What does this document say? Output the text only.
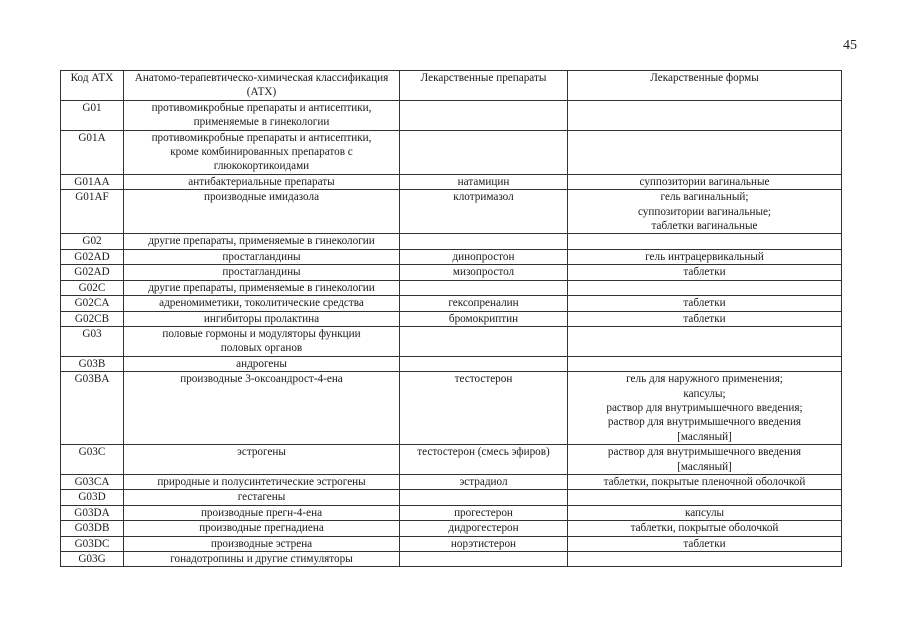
45
Код АТХ	Анатомо-терапевтическо-химическая классификация (АТХ)	Лекарственные препараты	Лекарственные формы
G01	противомикробные препараты и антисептики,
применяемые в гинекологии		
G01A	противомикробные препараты и антисептики,
кроме комбинированных препаратов с
глюкокортикоидами		
G01AA	антибактериальные препараты	натамицин	суппозитории вагинальные
G01AF	производные имидазола	клотримазол	гель вагинальный;
суппозитории вагинальные;
таблетки вагинальные
G02	другие препараты, применяемые в гинекологии		
G02AD	простагландины	динопростон	гель интрацервикальный
G02AD	простагландины	мизопростол	таблетки
G02C	другие препараты, применяемые в гинекологии		
G02CA	адреномиметики, токолитические средства	гексопреналин	таблетки
G02CB	ингибиторы пролактина	бромокриптин	таблетки
G03	половые гормоны и модуляторы функции
половых органов		
G03B	андрогены		
G03BA	производные 3-оксоандрост-4-ена	тестостерон	гель для наружного применения;
капсулы;
раствор для внутримышечного введения;
раствор для внутримышечного введения
[масляный]
G03C	эстрогены	тестостерон (смесь эфиров)	раствор для внутримышечного введения
[масляный]
G03CA	природные и полусинтетические эстрогены	эстрадиол	таблетки, покрытые пленочной оболочкой
G03D	гестагены		
G03DA	производные прегн-4-ена	прогестерон	капсулы
G03DB	производные прегнадиена	дидрогестерон	таблетки, покрытые оболочкой
G03DC	производные эстрена	норэтистерон	таблетки
G03G	гонадотропины и другие стимуляторы		
